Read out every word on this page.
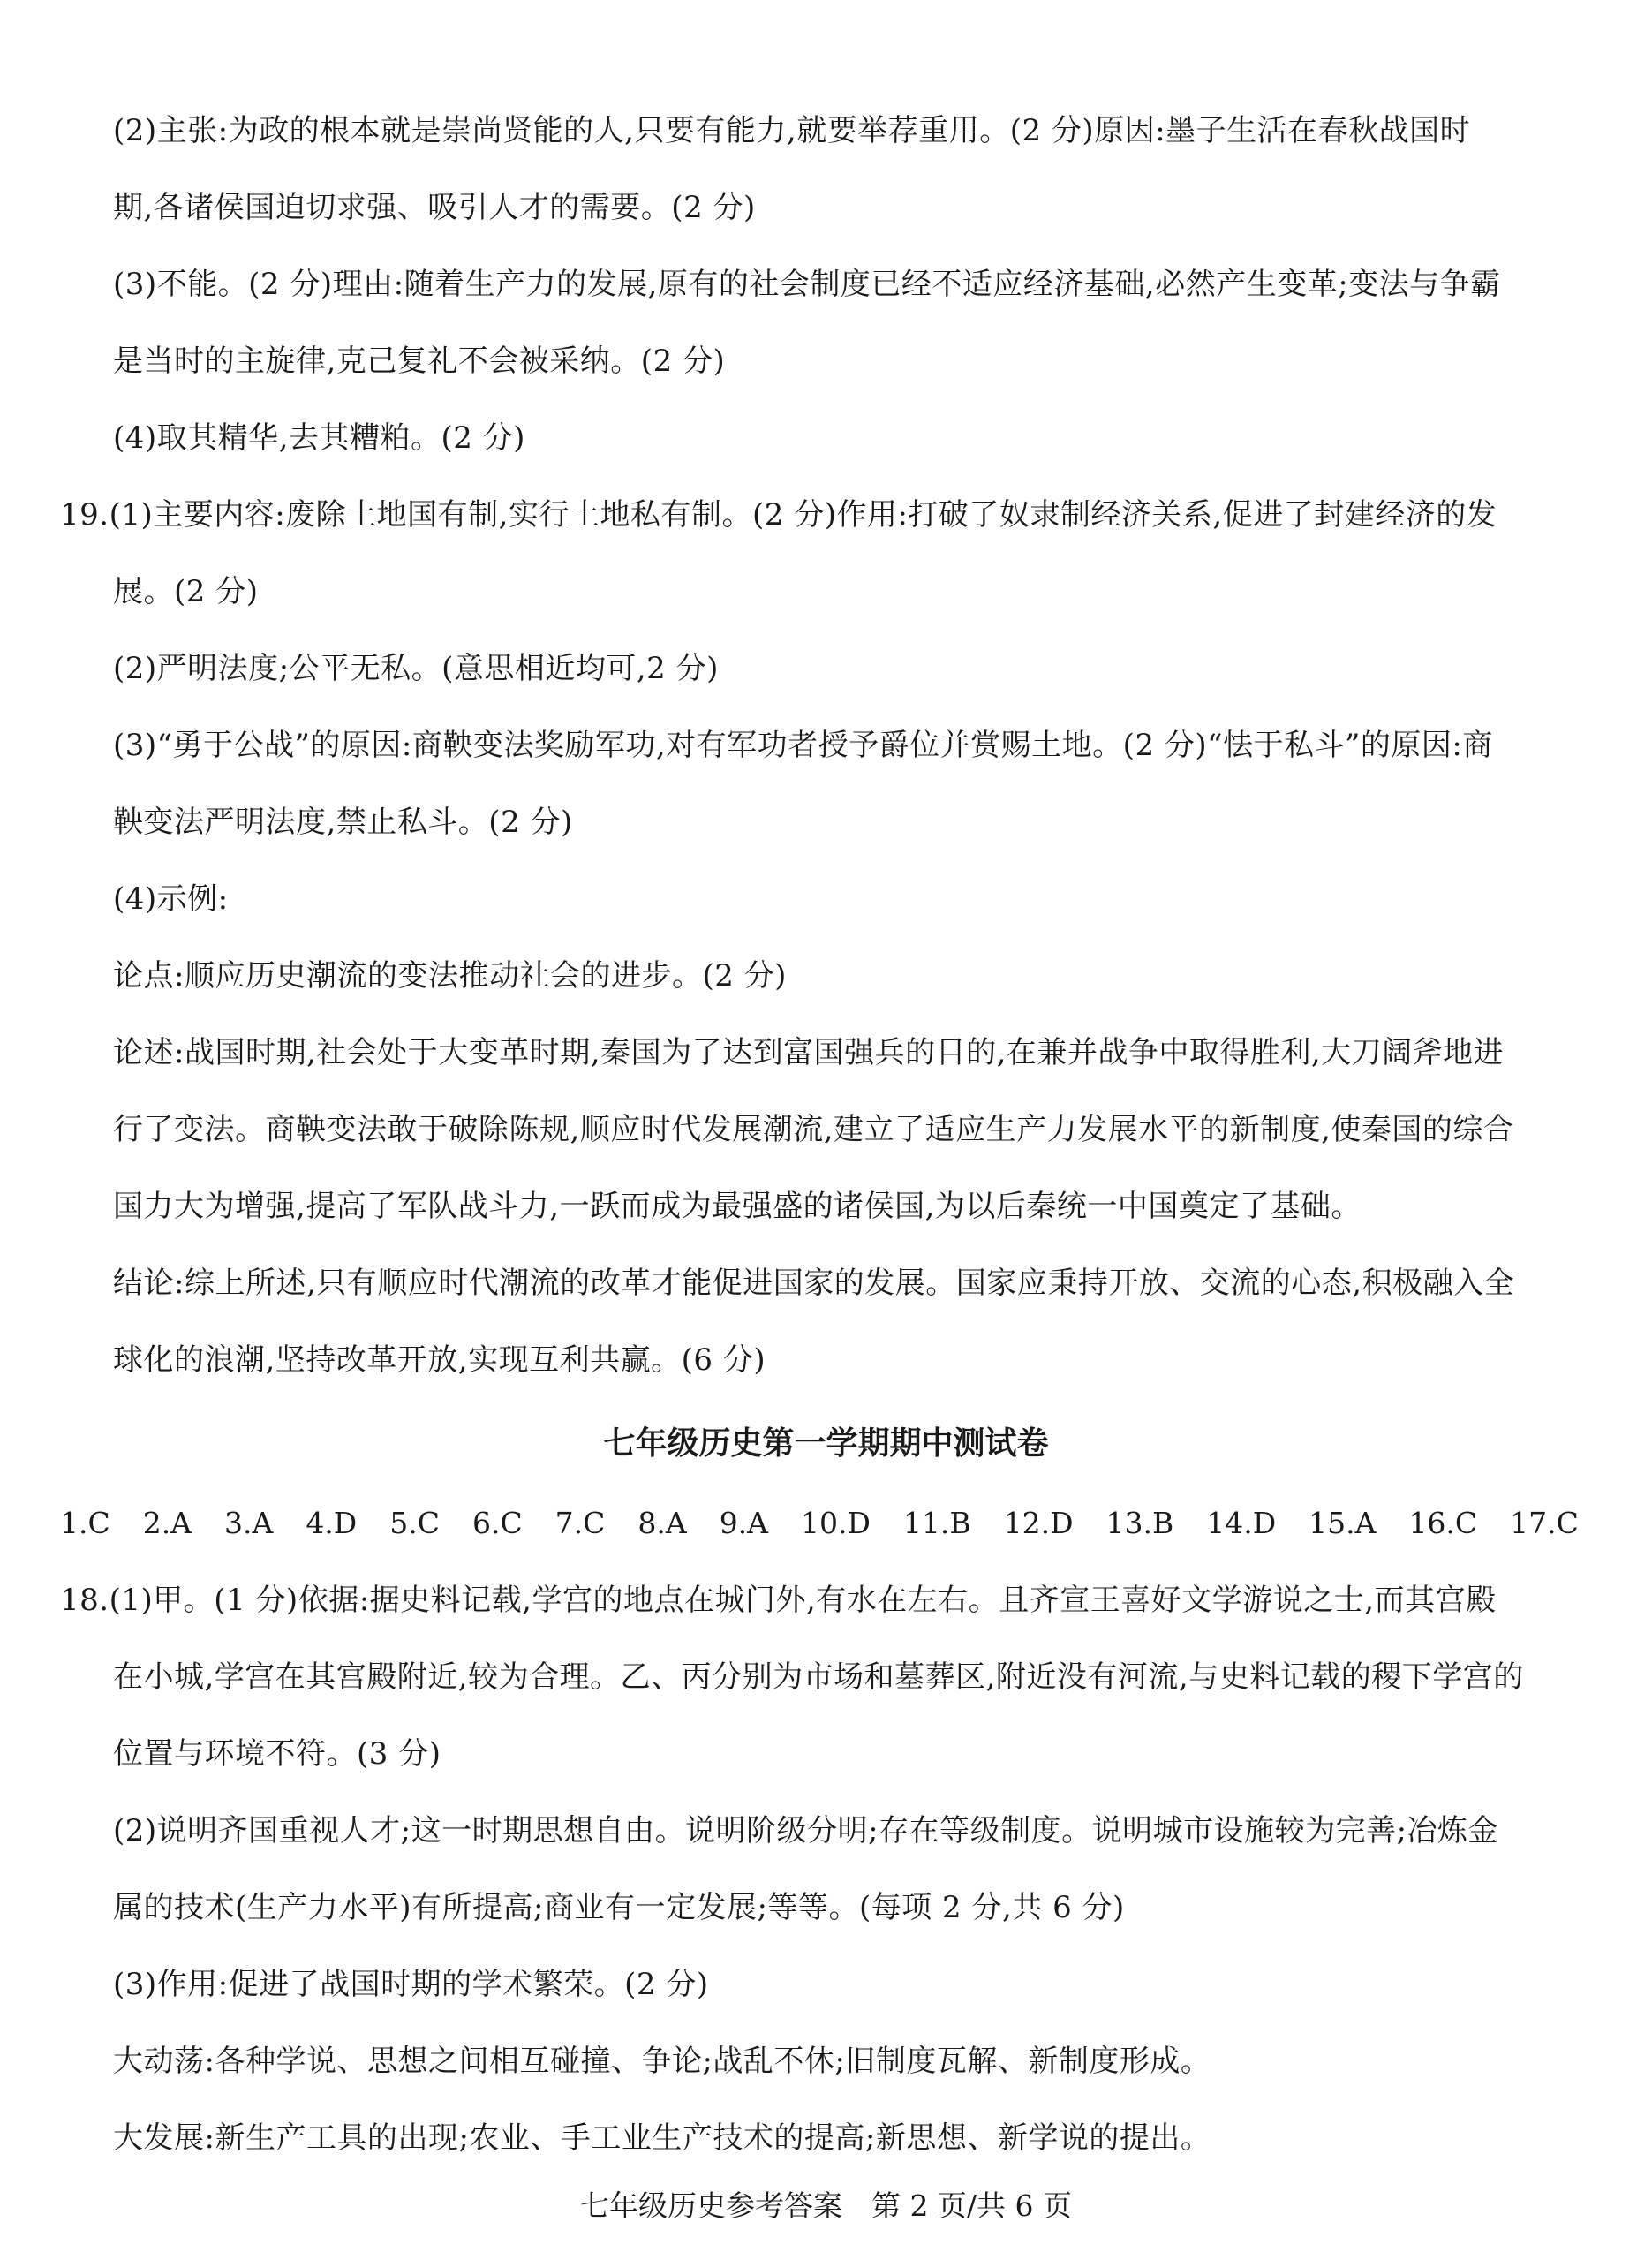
(2)主张:为政的根本就是崇尚贤能的人,只要有能力,就要举荐重用。(2 分)原因:墨子生活在春秋战国时
期,各诸侯国迫切求强、吸引人才的需要。(2 分)
(3)不能。(2 分)理由:随着生产力的发展,原有的社会制度已经不适应经济基础,必然产生变革;变法与争霸
是当时的主旋律,克己复礼不会被采纳。(2 分)
(4)取其精华,去其糟粕。(2 分)
19.(1)主要内容:废除土地国有制,实行土地私有制。(2 分)作用:打破了奴隶制经济关系,促进了封建经济的发
展。(2 分)
(2)严明法度;公平无私。(意思相近均可,2 分)
(3)“勇于公战”的原因:商鞅变法奖励军功,对有军功者授予爵位并赏赐土地。(2 分)“怯于私斗”的原因:商
鞅变法严明法度,禁止私斗。(2 分)
(4)示例:
论点:顺应历史潮流的变法推动社会的进步。(2 分)
论述:战国时期,社会处于大变革时期,秦国为了达到富国强兵的目的,在兼并战争中取得胜利,大刀阔斧地进
行了变法。商鞅变法敢于破除陈规,顺应时代发展潮流,建立了适应生产力发展水平的新制度,使秦国的综合
国力大为增强,提高了军队战斗力,一跃而成为最强盛的诸侯国,为以后秦统一中国奠定了基础。
结论:综上所述,只有顺应时代潮流的改革才能促进国家的发展。国家应秉持开放、交流的心态,积极融入全
球化的浪潮,坚持改革开放,实现互利共赢。(6 分)
七年级历史第一学期期中测试卷
1.C 2.A 3.A 4.D 5.C 6.C 7.C 8.A 9.A 10.D 11.B 12.D 13.B 14.D 15.A 16.C 17.C
18.(1)甲。(1 分)依据:据史料记载,学宫的地点在城门外,有水在左右。且齐宣王喜好文学游说之士,而其宫殿
在小城,学宫在其宫殿附近,较为合理。乙、丙分别为市场和墓葬区,附近没有河流,与史料记载的稷下学宫的
位置与环境不符。(3 分)
(2)说明齐国重视人才;这一时期思想自由。说明阶级分明;存在等级制度。说明城市设施较为完善;冶炼金
属的技术(生产力水平)有所提高;商业有一定发展;等等。(每项 2 分,共 6 分)
(3)作用:促进了战国时期的学术繁荣。(2 分)
大动荡:各种学说、思想之间相互碰撞、争论;战乱不休;旧制度瓦解、新制度形成。
大发展:新生产工具的出现;农业、手工业生产技术的提高;新思想、新学说的提出。
七年级历史参考答案　第 2 页/共 6 页
